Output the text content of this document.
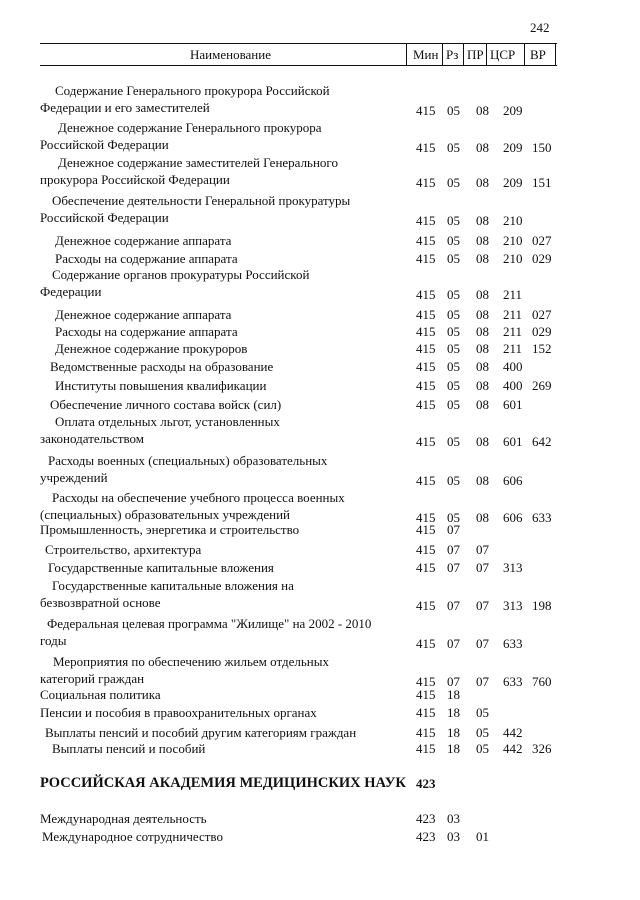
242
Наименование	Мин Рз ПР ЦСР ВР
Содержание Генерального прокурора Российской
Федерации и его заместителей	415 05 08 209
Денежное содержание Генерального прокурора
Российской Федерации	415 05 08 209 150
Денежное содержание заместителей Генерального
прокурора Российской Федерации	415 05 08 209 151
Обеспечение деятельности Генеральной прокуратуры
Российской Федерации	415 05 08 210
Денежное содержание аппарата	415 05 08 210 027
Расходы на содержание аппарата	415 05 08 210 029
Содержание органов прокуратуры Российской
Федерации	415 05 08 211
Денежное содержание аппарата	415 05 08 211 027
Расходы на содержание аппарата	415 05 08 211 029
Денежное содержание прокуроров	415 05 08 211 152
Ведомственные расходы на образование	415 05 08 400
Институты повышения квалификации	415 05 08 400 269
Обеспечение личного состава войск (сил)	415 05 08 601
Оплата отдельных льгот, установленных
законодательством	415 05 08 601 642
Расходы военных (специальных) образовательных
учреждений	415 05 08 606
Расходы на обеспечение учебного процесса военных
(специальных) образовательных учреждений	415 05 08 606 633
Промышленность, энергетика и строительство	415 07
Строительство, архитектура	415 07 07
Государственные капитальные вложения	415 07 07 313
Государственные капитальные вложения на
безвозвратной основе	415 07 07 313 198
Федеральная целевая программа "Жилище" на 2002 - 2010
годы	415 07 07 633
Мероприятия по обеспечению жильем отдельных
категорий граждан	415 07 07 633 760
Социальная политика	415 18
Пенсии и пособия в правоохранительных органах	415 18 05
Выплаты пенсий и пособий другим категориям граждан	415 18 05 442
Выплаты пенсий и пособий	415 18 05 442 326
РОССИЙСКАЯ АКАДЕМИЯ МЕДИЦИНСКИХ НАУК 423
Международная деятельность	423 03
Международное сотрудничество	423 03 01
